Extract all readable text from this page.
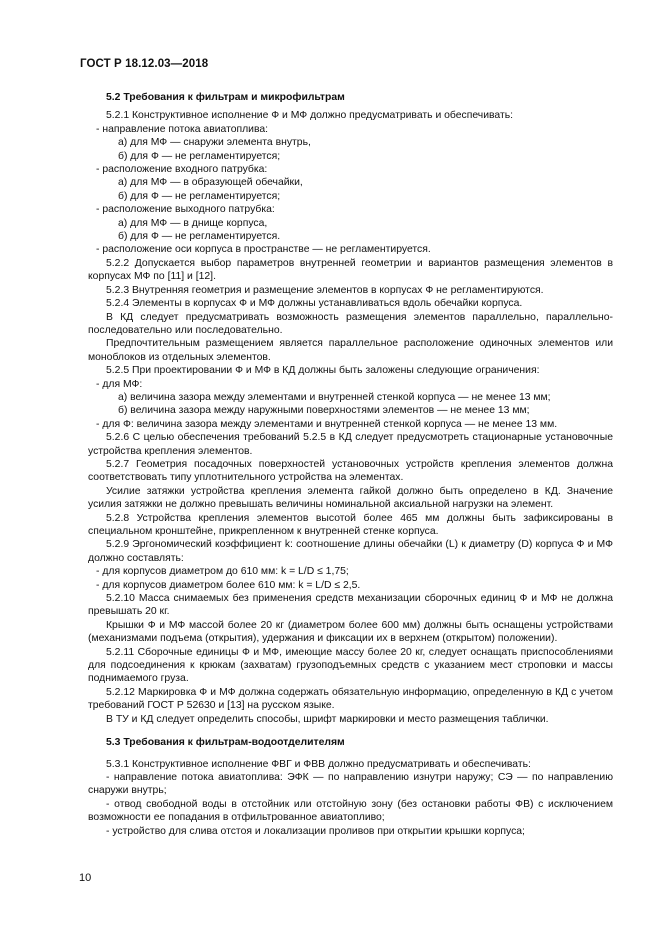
ГОСТ Р 18.12.03—2018
5.2 Требования к фильтрам и микрофильтрам
5.2.1 Конструктивное исполнение Ф и МФ должно предусматривать и обеспечивать:
- направление потока авиатоплива:
а) для МФ — снаружи элемента внутрь,
б) для Ф — не регламентируется;
- расположение входного патрубка:
а) для МФ — в образующей обечайки,
б) для Ф — не регламентируется;
- расположение выходного патрубка:
а) для МФ — в днище корпуса,
б) для Ф — не регламентируется.
- расположение оси корпуса в пространстве — не регламентируется.
5.2.2 Допускается выбор параметров внутренней геометрии и вариантов размещения элементов в корпусах МФ по [11] и [12].
5.2.3 Внутренняя геометрия и размещение элементов в корпусах Ф не регламентируются.
5.2.4 Элементы в корпусах Ф и МФ должны устанавливаться вдоль обечайки корпуса.
В КД следует предусматривать возможность размещения элементов параллельно, параллельно-последовательно или последовательно.
Предпочтительным размещением является параллельное расположение одиночных элементов или моноблоков из отдельных элементов.
5.2.5 При проектировании Ф и МФ в КД должны быть заложены следующие ограничения:
- для МФ:
а) величина зазора между элементами и внутренней стенкой корпуса — не менее 13 мм;
б) величина зазора между наружными поверхностями элементов — не менее 13 мм;
- для Ф: величина зазора между элементами и внутренней стенкой корпуса — не менее 13 мм.
5.2.6 С целью обеспечения требований 5.2.5 в КД следует предусмотреть стационарные установочные устройства крепления элементов.
5.2.7 Геометрия посадочных поверхностей установочных устройств крепления элементов должна соответствовать типу уплотнительного устройства на элементах.
Усилие затяжки устройства крепления элемента гайкой должно быть определено в КД. Значение усилия затяжки не должно превышать величины номинальной аксиальной нагрузки на элемент.
5.2.8 Устройства крепления элементов высотой более 465 мм должны быть зафиксированы в специальном кронштейне, прикрепленном к внутренней стенке корпуса.
5.2.9 Эргономический коэффициент k: соотношение длины обечайки (L) к диаметру (D) корпуса Ф и МФ должно составлять:
- для корпусов диаметром до 610 мм: k = L/D ≤ 1,75;
- для корпусов диаметром более 610 мм: k = L/D ≤ 2,5.
5.2.10 Масса снимаемых без применения средств механизации сборочных единиц Ф и МФ не должна превышать 20 кг.
Крышки Ф и МФ массой более 20 кг (диаметром более 600 мм) должны быть оснащены устройствами (механизмами подъема (открытия), удержания и фиксации их в верхнем (открытом) положении).
5.2.11 Сборочные единицы Ф и МФ, имеющие массу более 20 кг, следует оснащать приспособлениями для подсоединения к крюкам (захватам) грузоподъемных средств с указанием мест строповки и массы поднимаемого груза.
5.2.12 Маркировка Ф и МФ должна содержать обязательную информацию, определенную в КД с учетом требований ГОСТ Р 52630 и [13] на русском языке.
В ТУ и КД следует определить способы, шрифт маркировки и место размещения таблички.
5.3 Требования к фильтрам-водоотделителям
5.3.1 Конструктивное исполнение ФВГ и ФВВ должно предусматривать и обеспечивать:
- направление потока авиатоплива: ЭФК — по направлению изнутри наружу; СЭ — по направлению снаружи внутрь;
- отвод свободной воды в отстойник или отстойную зону (без остановки работы ФВ) с исключением возможности ее попадания в отфильтрованное авиатопливо;
- устройство для слива отстоя и локализации проливов при открытии крышки корпуса;
10
